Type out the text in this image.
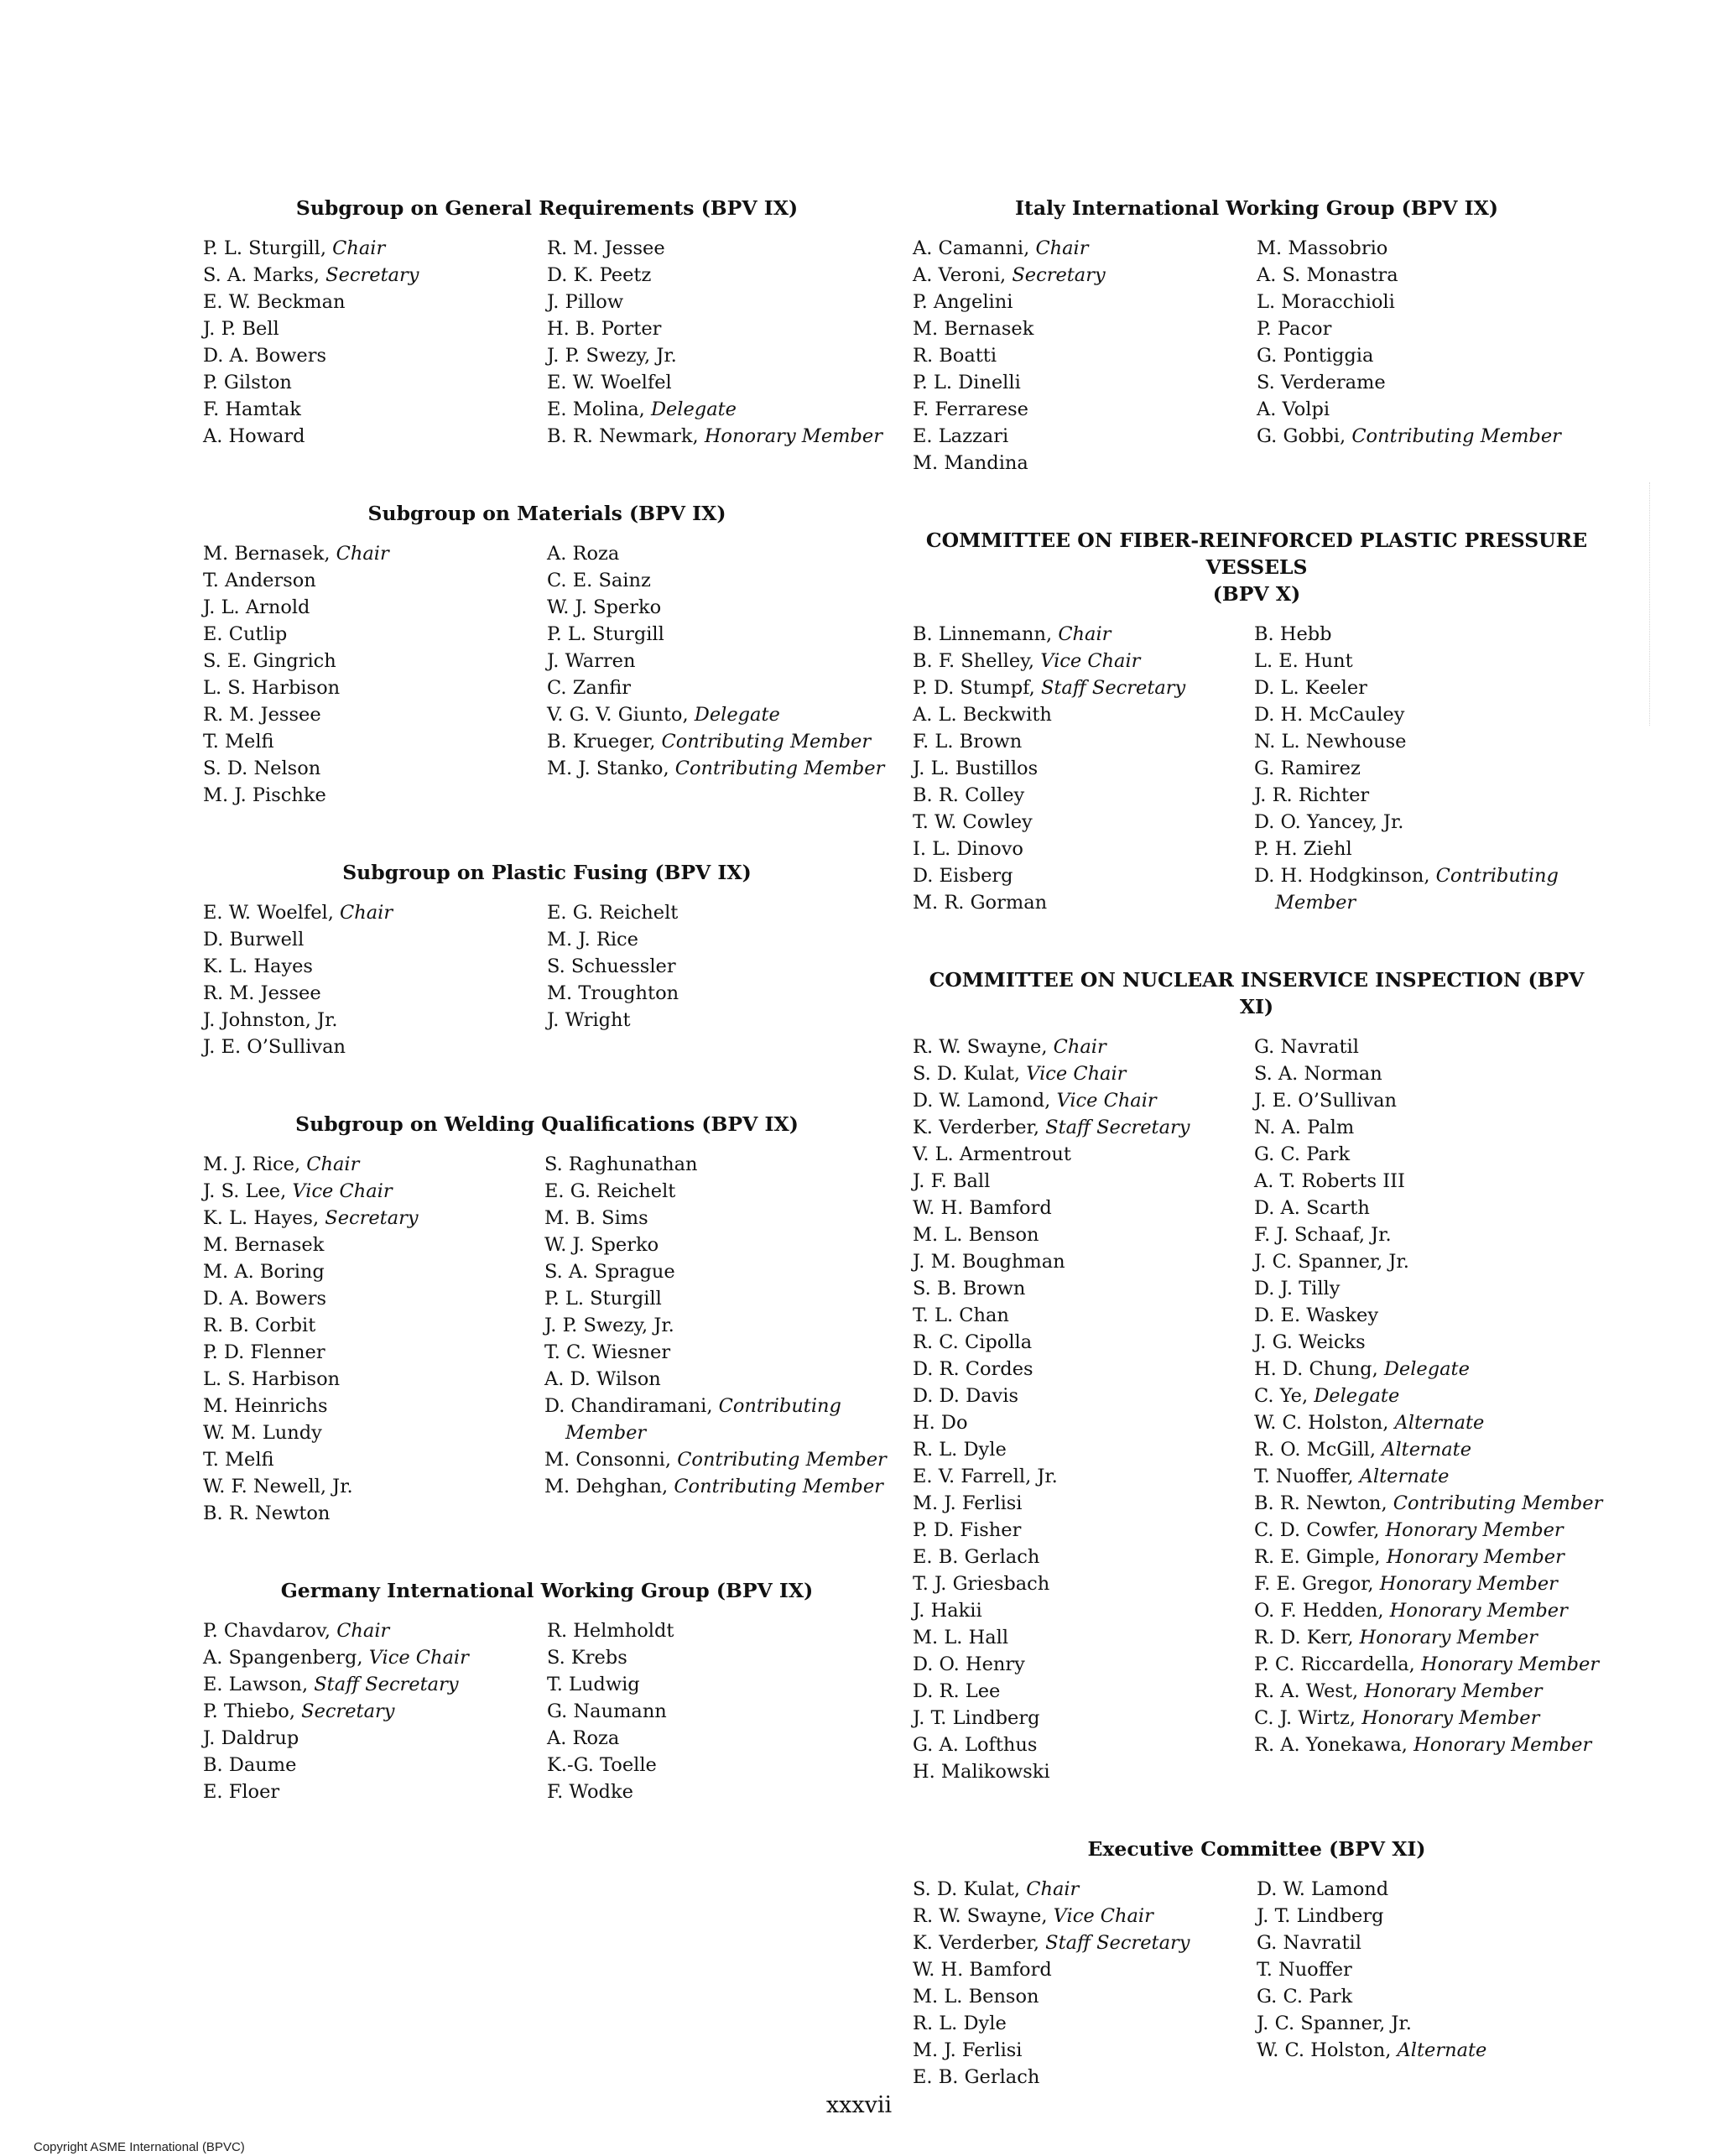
Subgroup on General Requirements (BPV IX)
P. L. Sturgill, Chair
S. A. Marks, Secretary
E. W. Beckman
J. P. Bell
D. A. Bowers
P. Gilston
F. Hamtak
A. Howard
R. M. Jessee
D. K. Peetz
J. Pillow
H. B. Porter
J. P. Swezy, Jr.
E. W. Woelfel
E. Molina, Delegate
B. R. Newmark, Honorary Member
Subgroup on Materials (BPV IX)
M. Bernasek, Chair
T. Anderson
J. L. Arnold
E. Cutlip
S. E. Gingrich
L. S. Harbison
R. M. Jessee
T. Melfi
S. D. Nelson
M. J. Pischke
A. Roza
C. E. Sainz
W. J. Sperko
P. L. Sturgill
J. Warren
C. Zanfir
V. G. V. Giunto, Delegate
B. Krueger, Contributing Member
M. J. Stanko, Contributing Member
Subgroup on Plastic Fusing (BPV IX)
E. W. Woelfel, Chair
D. Burwell
K. L. Hayes
R. M. Jessee
J. Johnston, Jr.
J. E. O’Sullivan
E. G. Reichelt
M. J. Rice
S. Schuessler
M. Troughton
J. Wright
Subgroup on Welding Qualifications (BPV IX)
M. J. Rice, Chair
J. S. Lee, Vice Chair
K. L. Hayes, Secretary
M. Bernasek
M. A. Boring
D. A. Bowers
R. B. Corbit
P. D. Flenner
L. S. Harbison
M. Heinrichs
W. M. Lundy
T. Melfi
W. F. Newell, Jr.
B. R. Newton
S. Raghunathan
E. G. Reichelt
M. B. Sims
W. J. Sperko
S. A. Sprague
P. L. Sturgill
J. P. Swezy, Jr.
T. C. Wiesner
A. D. Wilson
D. Chandiramani, Contributing Member
M. Consonni, Contributing Member
M. Dehghan, Contributing Member
Germany International Working Group (BPV IX)
P. Chavdarov, Chair
A. Spangenberg, Vice Chair
E. Lawson, Staff Secretary
P. Thiebo, Secretary
J. Daldrup
B. Daume
E. Floer
R. Helmholdt
S. Krebs
T. Ludwig
G. Naumann
A. Roza
K.-G. Toelle
F. Wodke
Italy International Working Group (BPV IX)
A. Camanni, Chair
A. Veroni, Secretary
P. Angelini
M. Bernasek
R. Boatti
P. L. Dinelli
F. Ferrarese
E. Lazzari
M. Mandina
M. Massobrio
A. S. Monastra
L. Moracchioli
P. Pacor
G. Pontiggia
S. Verderame
A. Volpi
G. Gobbi, Contributing Member
COMMITTEE ON FIBER-REINFORCED PLASTIC PRESSURE VESSELS
(BPV X)
B. Linnemann, Chair
B. F. Shelley, Vice Chair
P. D. Stumpf, Staff Secretary
A. L. Beckwith
F. L. Brown
J. L. Bustillos
B. R. Colley
T. W. Cowley
I. L. Dinovo
D. Eisberg
M. R. Gorman
B. Hebb
L. E. Hunt
D. L. Keeler
D. H. McCauley
N. L. Newhouse
G. Ramirez
J. R. Richter
D. O. Yancey, Jr.
P. H. Ziehl
D. H. Hodgkinson, Contributing Member
COMMITTEE ON NUCLEAR INSERVICE INSPECTION (BPV XI)
R. W. Swayne, Chair
S. D. Kulat, Vice Chair
D. W. Lamond, Vice Chair
K. Verderber, Staff Secretary
V. L. Armentrout
J. F. Ball
W. H. Bamford
M. L. Benson
J. M. Boughman
S. B. Brown
T. L. Chan
R. C. Cipolla
D. R. Cordes
D. D. Davis
H. Do
R. L. Dyle
E. V. Farrell, Jr.
M. J. Ferlisi
P. D. Fisher
E. B. Gerlach
T. J. Griesbach
J. Hakii
M. L. Hall
D. O. Henry
D. R. Lee
J. T. Lindberg
G. A. Lofthus
H. Malikowski
G. Navratil
S. A. Norman
J. E. O’Sullivan
N. A. Palm
G. C. Park
A. T. Roberts III
D. A. Scarth
F. J. Schaaf, Jr.
J. C. Spanner, Jr.
D. J. Tilly
D. E. Waskey
J. G. Weicks
H. D. Chung, Delegate
C. Ye, Delegate
W. C. Holston, Alternate
R. O. McGill, Alternate
T. Nuoffer, Alternate
B. R. Newton, Contributing Member
C. D. Cowfer, Honorary Member
R. E. Gimple, Honorary Member
F. E. Gregor, Honorary Member
O. F. Hedden, Honorary Member
R. D. Kerr, Honorary Member
P. C. Riccardella, Honorary Member
R. A. West, Honorary Member
C. J. Wirtz, Honorary Member
R. A. Yonekawa, Honorary Member
Executive Committee (BPV XI)
S. D. Kulat, Chair
R. W. Swayne, Vice Chair
K. Verderber, Staff Secretary
W. H. Bamford
M. L. Benson
R. L. Dyle
M. J. Ferlisi
E. B. Gerlach
D. W. Lamond
J. T. Lindberg
G. Navratil
T. Nuoffer
G. C. Park
J. C. Spanner, Jr.
W. C. Holston, Alternate
xxxvii
Copyright ASME International (BPVC)
